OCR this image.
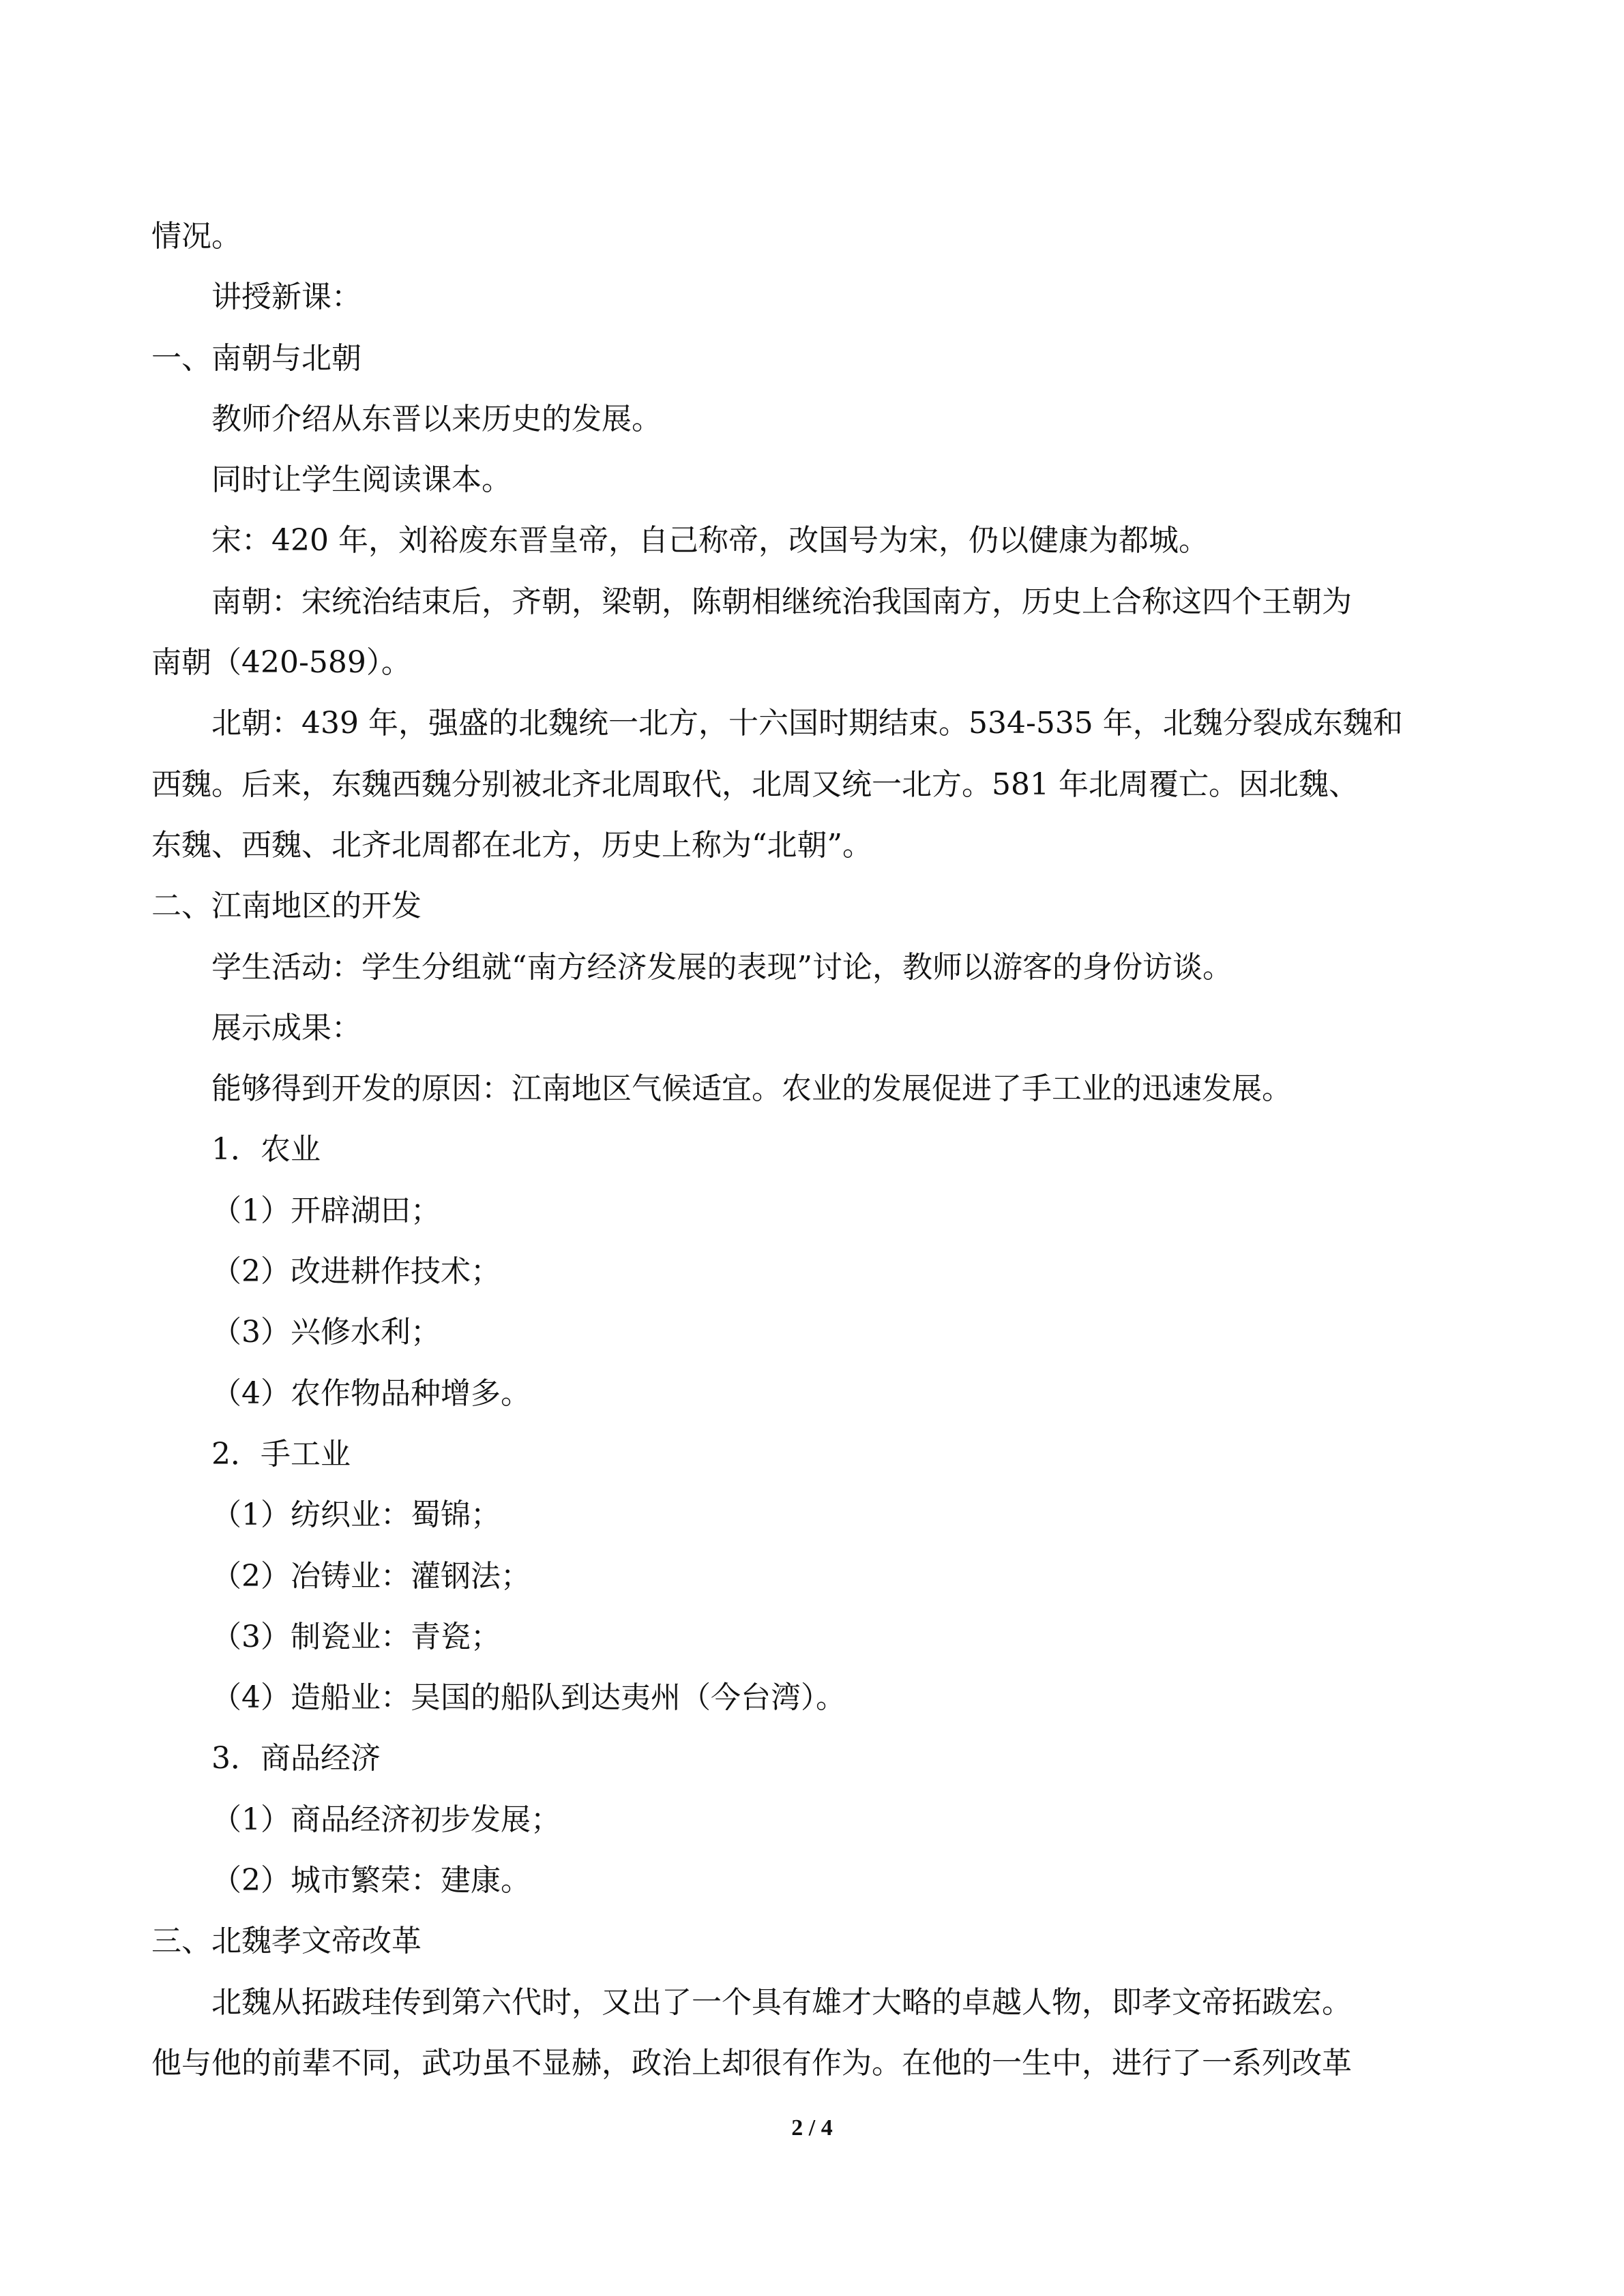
情况。

讲授新课：

一、南朝与北朝

教师介绍从东晋以来历史的发展。

同时让学生阅读课本。

宋：420 年，刘裕废东晋皇帝，自己称帝，改国号为宋，仍以健康为都城。

南朝：宋统治结束后，齐朝，梁朝，陈朝相继统治我国南方，历史上合称这四个王朝为

南朝（420-589）。

北朝：439 年，强盛的北魏统一北方，十六国时期结束。534-535 年，北魏分裂成东魏和

西魏。后来，东魏西魏分别被北齐北周取代，北周又统一北方。581 年北周覆亡。因北魏、

东魏、西魏、北齐北周都在北方，历史上称为“北朝”。

二、江南地区的开发

学生活动：学生分组就“南方经济发展的表现”讨论，教师以游客的身份访谈。

展示成果：

能够得到开发的原因：江南地区气候适宜。农业的发展促进了手工业的迅速发展。

1．农业

（1）开辟湖田；

（2）改进耕作技术；

（3）兴修水利；

（4）农作物品种增多。

2．手工业

（1）纺织业：蜀锦；

（2）冶铸业：灌钢法；

（3）制瓷业：青瓷；

（4）造船业：吴国的船队到达夷州（今台湾）。

3．商品经济

（1）商品经济初步发展；

（2）城市繁荣：建康。

三、北魏孝文帝改革

北魏从拓跋珪传到第六代时，又出了一个具有雄才大略的卓越人物，即孝文帝拓跋宏。

他与他的前辈不同，武功虽不显赫，政治上却很有作为。在他的一生中，进行了一系列改革

2 / 4
